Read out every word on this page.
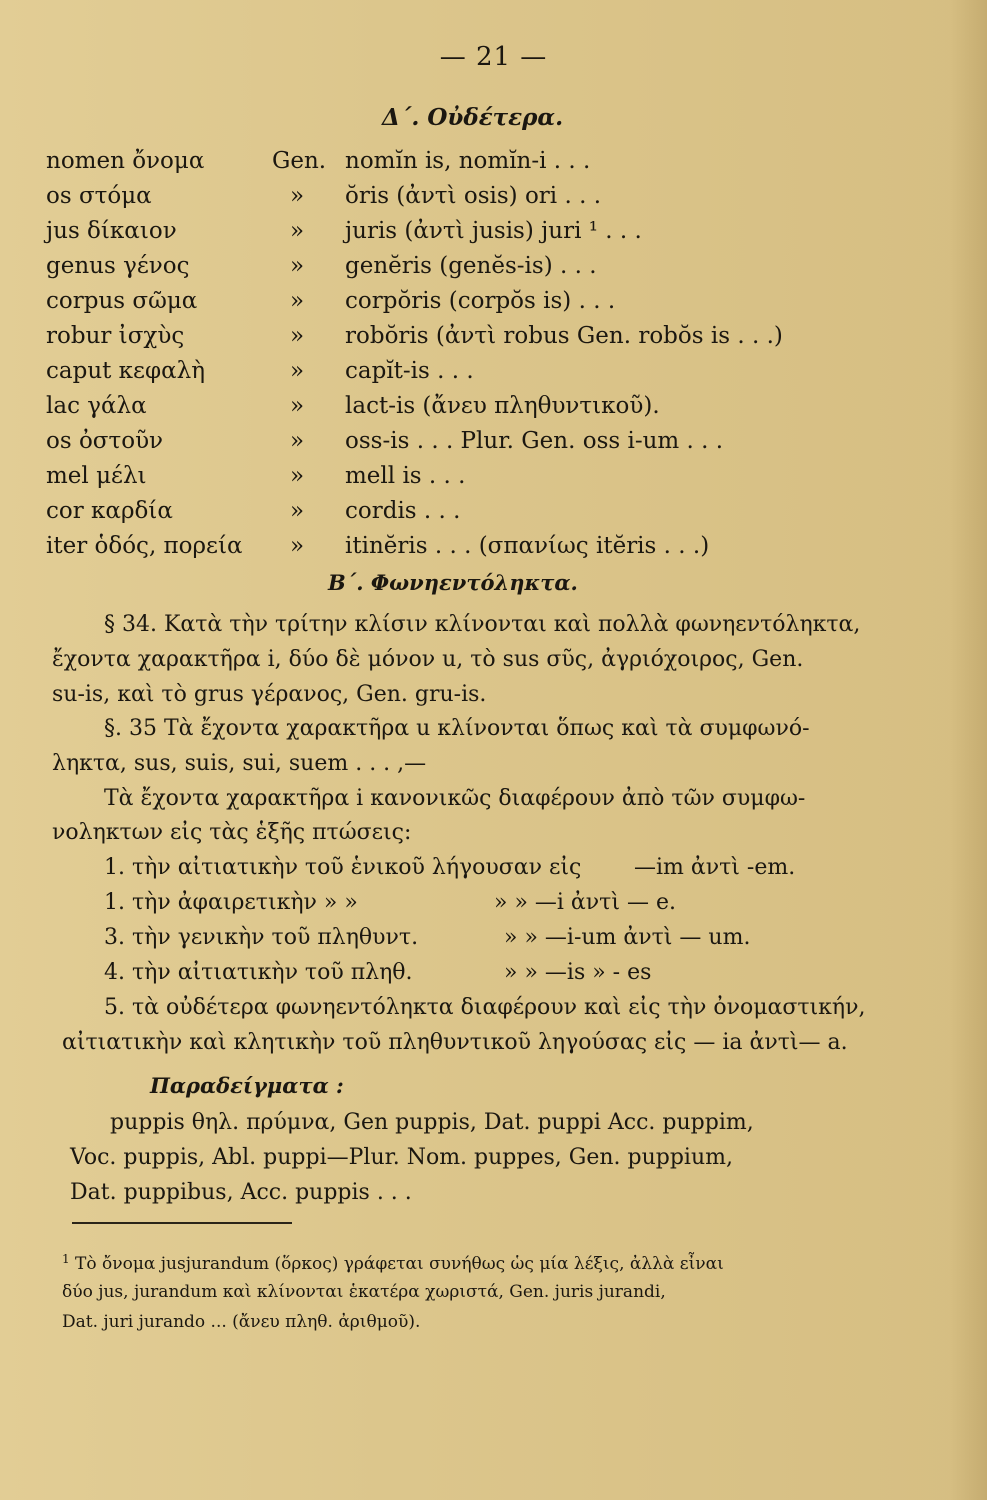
— 21 —
Δ΄. Οὐδέτερα.
nomen ὄνομα	Gen. nomĭn is, nomĭn-i . . .
os στόμα	» ŏris (ἀντὶ osis) ori . . .
jus δίκαιον	» juris (ἀντὶ jusis) juri ¹ . . .
genus γένος	» genĕris (genĕs-is) . . .
corpus σῶμα	» corpŏris (corpŏs is) . . .
robur ἰσχὺς	» robŏris (ἀντὶ robus Gen. robŏs is . . .)
caput κεφαλὴ	» capĭt-is . . .
lac γάλα	» lact-is (ἄνευ πληθυντικοῦ).
os ὀστοῦν	» oss-is . . . Plur. Gen. oss i-um . . .
mel μέλι	» mell is . . .
cor καρδία	» cordis . . .
iter ὁδός, πορεία » itinĕris . . . (σπανίως itĕris . . .)
Β΄. Φωνηεντόληκτα.
§ 34. Κατὰ τὴν τρίτην κλίσιν κλίνονται καὶ πολλὰ φωνηεντόληκτα,
ἔχοντα χαρακτῆρα i, δύο δὲ μόνον u, τὸ sus σῦς, ἀγριόχοιρος, Gen.
su-is, καὶ τὸ grus γέρανος, Gen. gru-is.
§. 35 Τὰ ἔχοντα χαρακτῆρα u κλίνονται ὅπως καὶ τὰ συμφωνό-
ληκτα, sus, suis, sui, suem . . . ,—
Τὰ ἔχοντα χαρακτῆρα i κανονικῶς διαφέρουν ἀπὸ τῶν συμφω-
νοληκτων εἰς τὰς ἑξῆς πτώσεις:
1. τὴν αἰτιατικὴν τοῦ ἑνικοῦ λήγουσαν εἰς —im ἀντὶ -em.
1. τὴν ἀφαιρετικὴν » »	» » —i ἀντὶ — e.
3. τὴν γενικὴν τοῦ πληθυντ.	» » —i-um ἀντὶ — um.
4. τὴν αἰτιατικὴν τοῦ πληθ.	» » —is » - es
5. τὰ οὐδέτερα φωνηεντόληκτα διαφέρουν καὶ εἰς τὴν ὀνομαστικήν,
αἰτιατικὴν καὶ κλητικὴν τοῦ πληθυντικοῦ ληγούσας εἰς — ia ἀντὶ— a.
Παραδείγματα :
puppis θηλ. πρύμνα, Gen puppis, Dat. puppi Acc. puppim,
Voc. puppis, Abl. puppi—Plur. Nom. puppes, Gen. puppium,
Dat. puppibus, Acc. puppis . . .
$^1$ Τὸ ὄνομα jusjurandum (ὅρκος) γράφεται συνήθως ὡς μία λέξις, ἀλλὰ εἶναι
δύο jus, jurandum καὶ κλίνονται ἑκατέρα χωριστά, Gen. juris jurandi,
Dat. juri jurando ... (ἄνευ πληθ. ἀριθμοῦ).
